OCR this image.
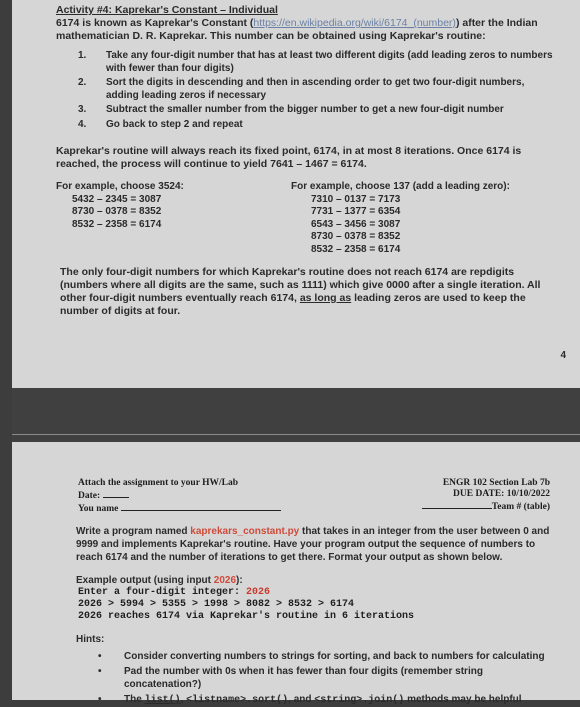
Activity #4: Kaprekar's Constant – Individual
6174 is known as Kaprekar's Constant (https://en.wikipedia.org/wiki/6174_(number)) after the Indian
mathematician D. R. Kaprekar. This number can be obtained using Kaprekar's routine:
1.	Take any four-digit number that has at least two different digits (add leading zeros to numbers with fewer than four digits)
2.	Sort the digits in descending and then in ascending order to get two four-digit numbers, adding leading zeros if necessary
3.	Subtract the smaller number from the bigger number to get a new four-digit number
4.	Go back to step 2 and repeat
Kaprekar's routine will always reach its fixed point, 6174, in at most 8 iterations. Once 6174 is reached, the process will continue to yield 7641 – 1467 = 6174.
For example, choose 3524:
5432 – 2345 = 3087
8730 – 0378 = 8352
8532 – 2358 = 6174
For example, choose 137 (add a leading zero):
7310 – 0137 = 7173
7731 – 1377 = 6354
6543 – 3456 = 3087
8730 – 0378 = 8352
8532 – 2358 = 6174
The only four-digit numbers for which Kaprekar's routine does not reach 6174 are repdigits (numbers where all digits are the same, such as 1111) which give 0000 after a single iteration. All other four-digit numbers eventually reach 6174, as long as leading zeros are used to keep the number of digits at four.
4
Attach the assignment to your HW/Lab
Date:
You name
ENGR 102 Section Lab 7b
DUE DATE: 10/10/2022
Team # (table)
Write a program named kaprekars_constant.py that takes in an integer from the user between 0 and 9999 and implements Kaprekar's routine. Have your program output the sequence of numbers to reach 6174 and the number of iterations to get there. Format your output as shown below.
Example output (using input 2026):
Enter a four-digit integer: 2026
2026 > 5994 > 5355 > 1998 > 8082 > 8532 > 6174
2026 reaches 6174 via Kaprekar's routine in 6 iterations
Hints:
•	Consider converting numbers to strings for sorting, and back to numbers for calculating
•	Pad the number with 0s when it has fewer than four digits (remember string concatenation?)
•	The list(), <listname>.sort(), and <string>.join() methods may be helpful
